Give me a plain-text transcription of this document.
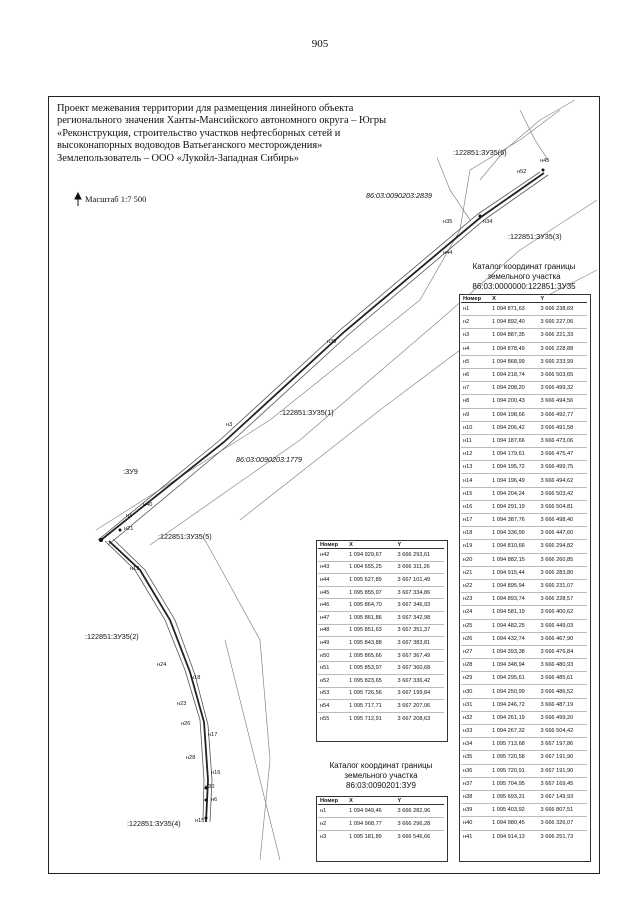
905
Проект межевания территории для размещения линейного объекта
регионального значения Ханты-Мансийского автономного округа – Югры
«Реконструкция, строительство участков нефтесборных сетей и
высоконапорных водоводов Ватьеганского месторождения»
Землепользователь – ООО «Лукойл-Западная Сибирь»
Масштаб 1:7 500
:122851:ЗУ35(6)
86:03:0090203:2839
:122851:ЗУ35(3)
:122851:ЗУ35(1)
:ЗУ9
86:03:0090203:1779
:122851:ЗУ35(5)
:122851:ЗУ35(2)
:122851:ЗУ35(4)
н45
н52
н35	н34
н44
н39
н3
н40
н1
н21
н19
н24
н18
н23
н26
н17
н28
н16
н30
н6
н15
Каталог координат границы
земельного участка
86:03:0000000:122851:ЗУ35
Номер	X	Y
н1	1 094 871,63	3 666 238,69
н2	1 094 892,40	3 666 227,06
н3	1 094 887,35	3 666 221,33
н4	1 094 878,49	3 666 228,88
н5	1 094 868,99	3 666 233,99
н6	1 094 218,74	3 666 503,65
н7	1 094 208,20	3 666 499,32
н8	1 094 200,43	3 666 494,56
н9	1 094 198,66	3 666 492,77
н10	1 094 206,42	3 666 491,58
н11	1 094 187,66	3 666 473,06
н12	1 094 179,61	3 666 475,47
н13	1 094 195,72	3 666 499,75
н14	1 094 196,49	3 666 494,62
н15	1 094 204,24	3 666 503,42
н16	1 094 291,19	3 666 504,81
н17	1 094 387,76	3 666 498,40
н18	1 094 336,99	3 666 447,60
н19	1 094 810,66	3 666 294,82
н20	1 094 882,15	3 666 260,85
н21	1 094 915,44	3 666 283,80
н22	1 094 895,94	3 666 231,07
н23	1 094 893,74	3 666 228,57
н24	1 094 581,19	3 666 400,62
н25	1 094 482,25	3 666 449,03
н26	1 094 432,74	3 666 467,90
н27	1 094 393,38	3 666 476,84
н28	1 094 348,94	3 666 480,93
н29	1 094 295,61	3 666 485,61
н30	1 094 250,99	3 666 486,52
н31	1 094 246,72	3 666 487,19
н32	1 094 261,19	3 666 499,20
н33	1 094 267,32	3 666 504,42
н34	1 095 713,68	3 667 197,86
н35	1 095 720,58	3 667 191,90
н36	1 095 720,91	3 667 191,90
н37	1 095 704,95	3 667 169,45
н38	1 095 693,31	3 667 149,93
н39	1 095 403,92	3 666 807,51
н40	1 094 980,45	3 666 326,07
н41	1 094 914,13	3 666 251,73
Номер	X	Y
н42	1 094 929,67	3 666 293,61
н43	1 004 655,25	3 666 311,26
н44	1 095 627,89	3 667 101,49
н45	1 095 855,97	3 667 334,86
н46	1 095 864,70	3 667 346,93
н47	1 095 861,86	3 667 342,98
н48	1 095 851,63	3 667 351,37
н49	1 095 843,88	3 667 383,81
н50	1 095 865,66	3 667 367,49
н51	1 095 853,97	3 667 360,68
н52	1 095 823,65	3 667 336,42
н53	1 095 726,56	3 667 199,84
н54	1 095 717,71	3 667 207,06
н55	1 095 712,91	3 667 208,63
Каталог координат границы
земельного участка
86:03:0090201:ЗУ9
Номер	X	Y
н1	1 094 949,46	3 666 282,96
н2	1 094 968,77	3 666 296,28
н3	1 095 181,89	3 666 546,66
